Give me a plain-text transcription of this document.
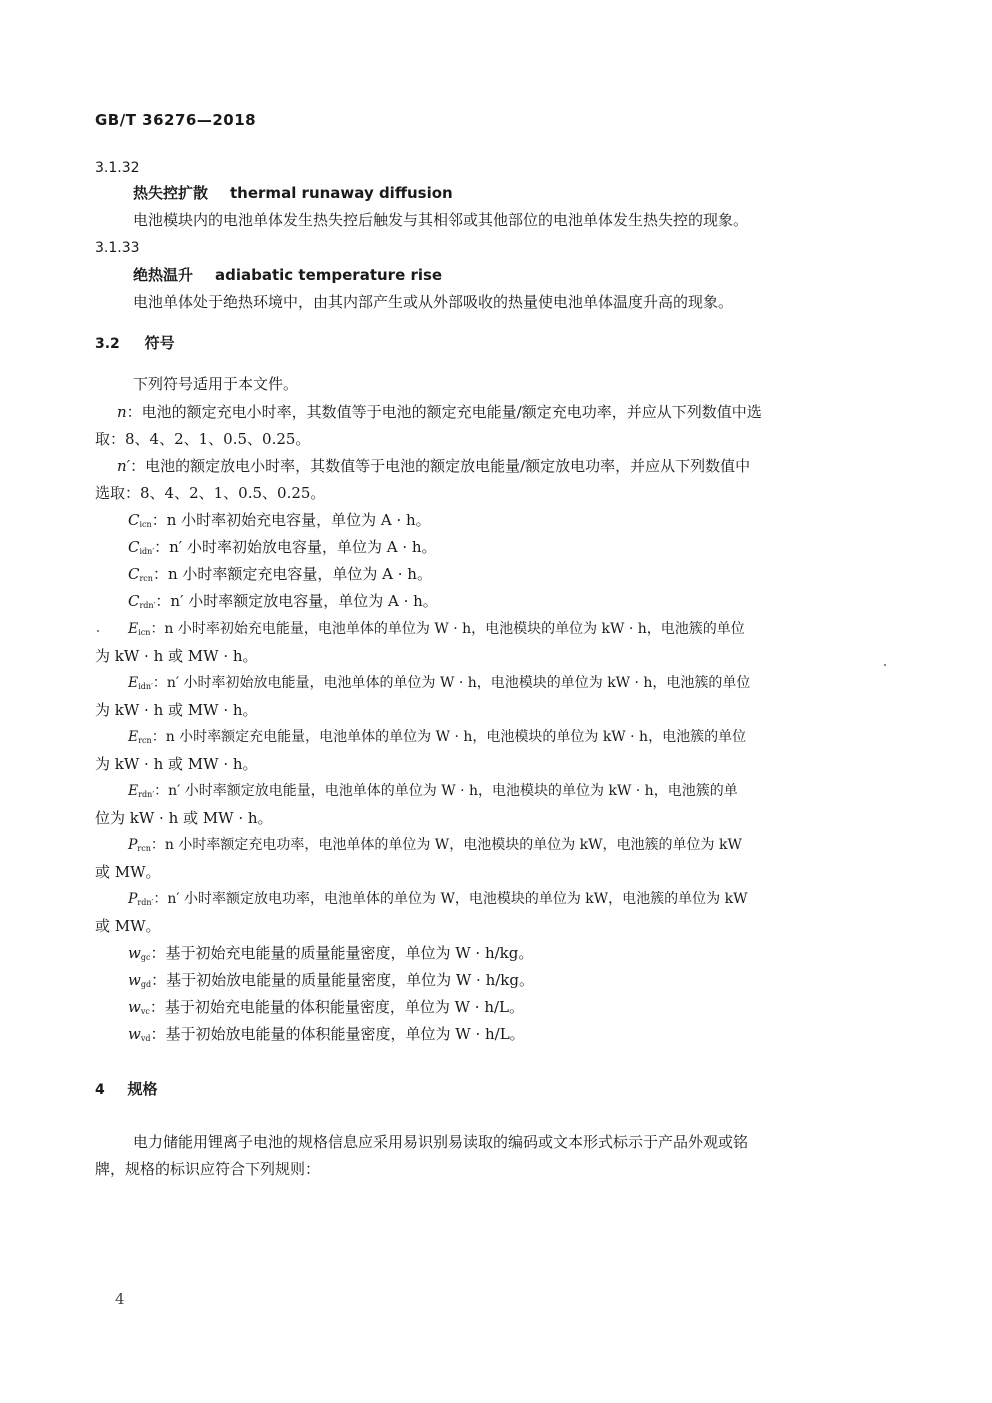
GB/T 36276—2018
3.1.32
热失控扩散 thermal runaway diffusion
电池模块内的电池单体发生热失控后触发与其相邻或其他部位的电池单体发生热失控的现象。
3.1.33
绝热温升 adiabatic temperature rise
电池单体处于绝热环境中，由其内部产生或从外部吸收的热量使电池单体温度升高的现象。
3.2 符号
下列符号适用于本文件。
n：电池的额定充电小时率，其数值等于电池的额定充电能量/额定充电功率，并应从下列数值中选
取：8、4、2、1、0.5、0.25。
n′：电池的额定放电小时率，其数值等于电池的额定放电能量/额定放电功率，并应从下列数值中
选取：8、4、2、1、0.5、0.25。
$C_{icn}$：n 小时率初始充电容量，单位为 A · h。
$C_{idn'}$：n′ 小时率初始放电容量，单位为 A · h。
$C_{rcn}$：n 小时率额定充电容量，单位为 A · h。
$C_{rdn'}$：n′ 小时率额定放电容量，单位为 A · h。
$E_{icn}$：n 小时率初始充电能量，电池单体的单位为 W · h，电池模块的单位为 kW · h，电池簇的单位
为 kW · h 或 MW · h。
$E_{idn'}$：n′ 小时率初始放电能量，电池单体的单位为 W · h，电池模块的单位为 kW · h，电池簇的单位
为 kW · h 或 MW · h。
$E_{rcn}$：n 小时率额定充电能量，电池单体的单位为 W · h，电池模块的单位为 kW · h，电池簇的单位
为 kW · h 或 MW · h。
$E_{rdn'}$：n′ 小时率额定放电能量，电池单体的单位为 W · h，电池模块的单位为 kW · h，电池簇的单
位为 kW · h 或 MW · h。
$P_{rcn}$：n 小时率额定充电功率，电池单体的单位为 W，电池模块的单位为 kW，电池簇的单位为 kW
或 MW。
$P_{rdn'}$：n′ 小时率额定放电功率，电池单体的单位为 W，电池模块的单位为 kW，电池簇的单位为 kW
或 MW。
$w_{gc}$：基于初始充电能量的质量能量密度，单位为 W · h/kg。
$w_{gd}$：基于初始放电能量的质量能量密度，单位为 W · h/kg。
$w_{vc}$：基于初始充电能量的体积能量密度，单位为 W · h/L。
$w_{vd}$：基于初始放电能量的体积能量密度，单位为 W · h/L。
4 规格
电力储能用锂离子电池的规格信息应采用易识别易读取的编码或文本形式标示于产品外观或铭
牌，规格的标识应符合下列规则：
4
